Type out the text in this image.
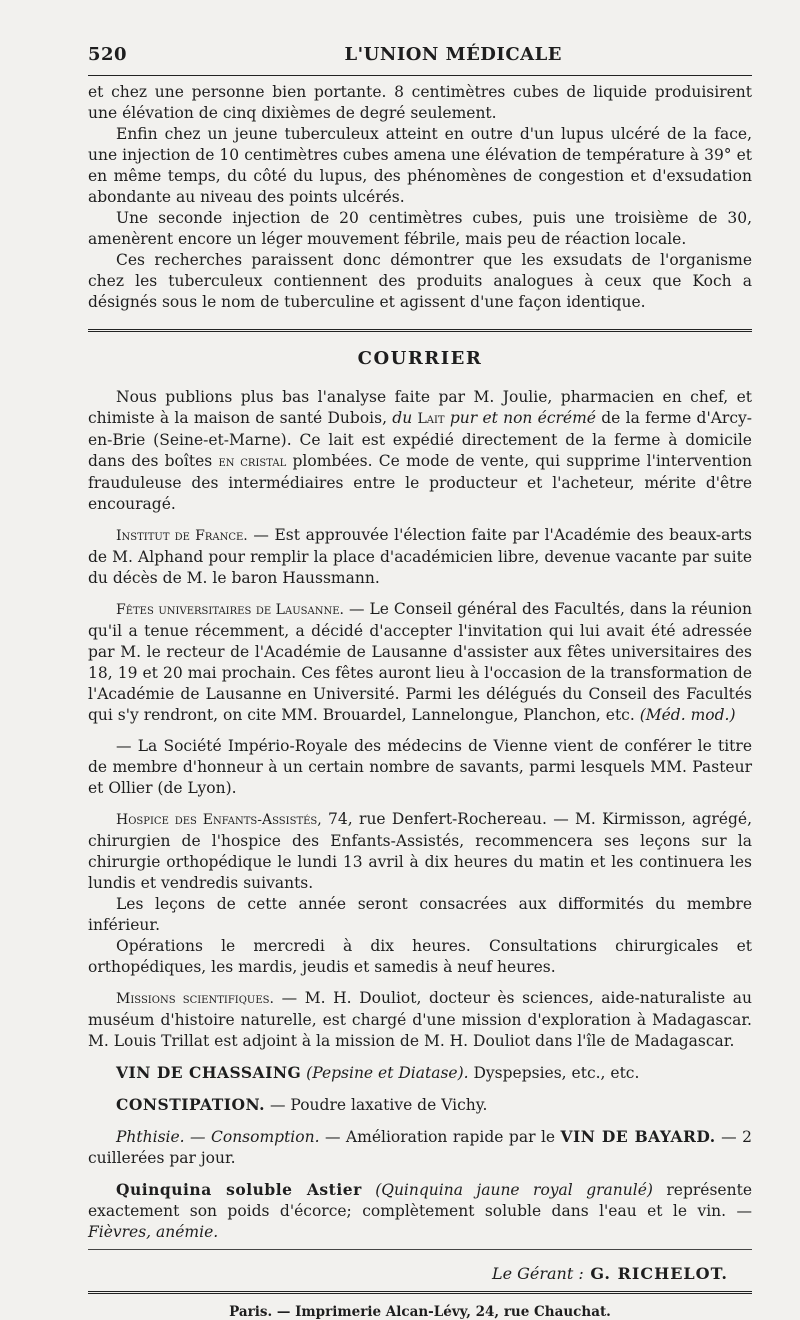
520	L'UNION MÉDICALE

et chez une personne bien portante. 8 centimètres cubes de liquide produisirent une élévation de cinq dixièmes de degré seulement.

Enfin chez un jeune tuberculeux atteint en outre d'un lupus ulcéré de la face, une injection de 10 centimètres cubes amena une élévation de température à 39° et en même temps, du côté du lupus, des phénomènes de congestion et d'exsudation abondante au niveau des points ulcérés.

Une seconde injection de 20 centimètres cubes, puis une troisième de 30, amenèrent encore un léger mouvement fébrile, mais peu de réaction locale.

Ces recherches paraissent donc démontrer que les exsudats de l'organisme chez les tuberculeux contiennent des produits analogues à ceux que Koch a désignés sous le nom de tuberculine et agissent d'une façon identique.

COURRIER

Nous publions plus bas l'analyse faite par M. Joulie, pharmacien en chef, et chimiste à la maison de santé Dubois, du Lait pur et non écrémé de la ferme d'Arcy-en-Brie (Seine-et-Marne). Ce lait est expédié directement de la ferme à domicile dans des boîtes en cristal plombées. Ce mode de vente, qui supprime l'intervention frauduleuse des intermédiaires entre le producteur et l'acheteur, mérite d'être encouragé.

Institut de France. — Est approuvée l'élection faite par l'Académie des beaux-arts de M. Alphand pour remplir la place d'académicien libre, devenue vacante par suite du décès de M. le baron Haussmann.

Fêtes universitaires de Lausanne. — Le Conseil général des Facultés, dans la réunion qu'il a tenue récemment, a décidé d'accepter l'invitation qui lui avait été adressée par M. le recteur de l'Académie de Lausanne d'assister aux fêtes universitaires des 18, 19 et 20 mai prochain. Ces fêtes auront lieu à l'occasion de la transformation de l'Académie de Lausanne en Université. Parmi les délégués du Conseil des Facultés qui s'y rendront, on cite MM. Brouardel, Lannelongue, Planchon, etc. (Méd. mod.)

— La Société Império-Royale des médecins de Vienne vient de conférer le titre de membre d'honneur à un certain nombre de savants, parmi lesquels MM. Pasteur et Ollier (de Lyon).

Hospice des Enfants-Assistés, 74, rue Denfert-Rochereau. — M. Kirmisson, agrégé, chirurgien de l'hospice des Enfants-Assistés, recommencera ses leçons sur la chirurgie orthopédique le lundi 13 avril à dix heures du matin et les continuera les lundis et vendredis suivants.

Les leçons de cette année seront consacrées aux difformités du membre inférieur.

Opérations le mercredi à dix heures. Consultations chirurgicales et orthopédiques, les mardis, jeudis et samedis à neuf heures.

Missions scientifiques. — M. H. Douliot, docteur ès sciences, aide-naturaliste au muséum d'histoire naturelle, est chargé d'une mission d'exploration à Madagascar. M. Louis Trillat est adjoint à la mission de M. H. Douliot dans l'île de Madagascar.

VIN DE CHASSAING (Pepsine et Diatase). Dyspepsies, etc., etc.

CONSTIPATION. — Poudre laxative de Vichy.

Phthisie. — Consomption. — Amélioration rapide par le VIN DE BAYARD. — 2 cuillerées par jour.

Quinquina soluble Astier (Quinquina jaune royal granulé) représente exactement son poids d'écorce; complètement soluble dans l'eau et le vin. — Fièvres, anémie.

Le Gérant : G. RICHELOT.
Paris. — Imprimerie Alcan-Lévy, 24, rue Chauchat.
